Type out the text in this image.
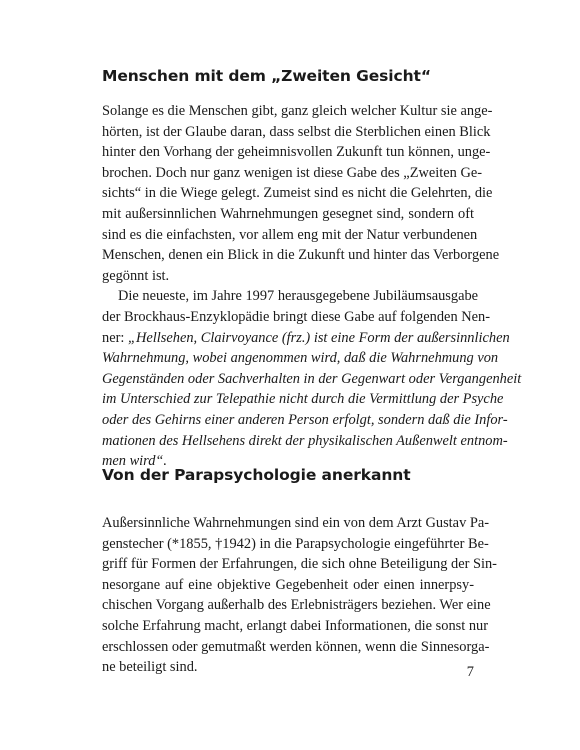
Menschen mit dem „Zweiten Gesicht“
Solange es die Menschen gibt, ganz gleich welcher Kultur sie ange-
hörten, ist der Glaube daran, dass selbst die Sterblichen einen Blick
hinter den Vorhang der geheimnisvollen Zukunft tun können, unge-
brochen. Doch nur ganz wenigen ist diese Gabe des „Zweiten Ge-
sichts“ in die Wiege gelegt. Zumeist sind es nicht die Gelehrten, die
mit außersinnlichen Wahrnehmungen gesegnet sind, sondern oft
sind es die einfachsten, vor allem eng mit der Natur verbundenen
Menschen, denen ein Blick in die Zukunft und hinter das Verborgene
gegönnt ist.
Die neueste, im Jahre 1997 herausgegebene Jubiläumsausgabe
der Brockhaus-Enzyklopädie bringt diese Gabe auf folgenden Nen-
ner: „Hellsehen, Clairvoyance (frz.) ist eine Form der außersinnlichen
Wahrnehmung, wobei angenommen wird, daß die Wahrnehmung von
Gegenständen oder Sachverhalten in der Gegenwart oder Vergangenheit
im Unterschied zur Telepathie nicht durch die Vermittlung der Psyche
oder des Gehirns einer anderen Person erfolgt, sondern daß die Infor-
mationen des Hellsehens direkt der physikalischen Außenwelt entnom-
men wird“.
Von der Parapsychologie anerkannt
Außersinnliche Wahrnehmungen sind ein von dem Arzt Gustav Pa-
genstecher (*1855, †1942) in die Parapsychologie eingeführter Be-
griff für Formen der Erfahrungen, die sich ohne Beteiligung der Sin-
nesorgane auf eine objektive Gegebenheit oder einen innerpsy-
chischen Vorgang außerhalb des Erlebnisträgers beziehen. Wer eine
solche Erfahrung macht, erlangt dabei Informationen, die sonst nur
erschlossen oder gemutmaßt werden können, wenn die Sinnesorga-
ne beteiligt sind.	7
